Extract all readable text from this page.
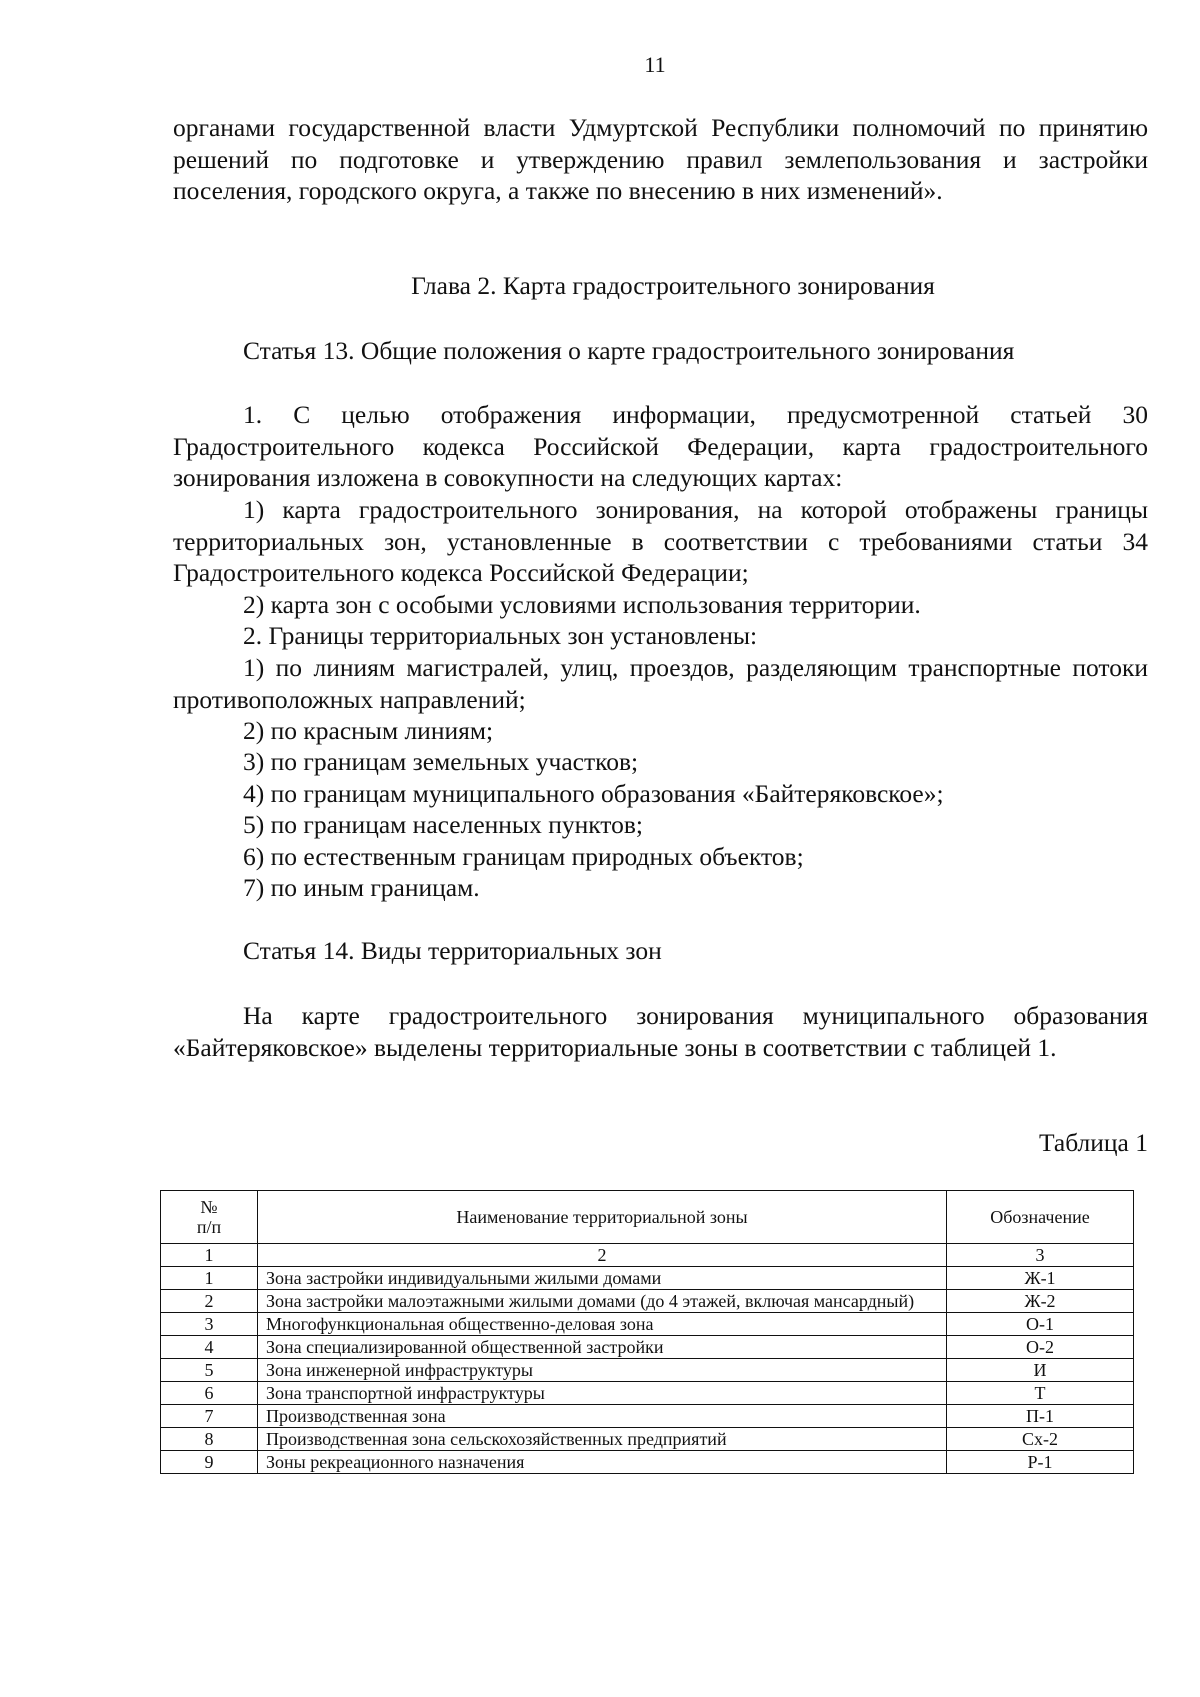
11

органами государственной власти Удмуртской Республики полномочий по принятию решений по подготовке и утверждению правил землепользования и застройки поселения, городского округа, а также по внесению в них изменений».

Глава 2. Карта градостроительного зонирования

Статья 13. Общие положения о карте градостроительного зонирования

1. С целью отображения информации, предусмотренной статьей 30 Градостроительного кодекса Российской Федерации, карта градостроительного зонирования изложена в совокупности на следующих картах:

1) карта градостроительного зонирования, на которой отображены границы территориальных зон, установленные в соответствии с требованиями статьи 34 Градостроительного кодекса Российской Федерации;

2) карта зон с особыми условиями использования территории.

2. Границы территориальных зон установлены:

1) по линиям магистралей, улиц, проездов, разделяющим транспортные потоки противоположных направлений;

2) по красным линиям;

3) по границам земельных участков;

4) по границам муниципального образования «Байтеряковское»;

5) по границам населенных пунктов;

6) по естественным границам природных объектов;

7) по иным границам.

Статья 14. Виды территориальных зон

На карте градостроительного зонирования муниципального образования «Байтеряковское» выделены территориальные зоны в соответствии с таблицей 1.

Таблица 1
№
п/п	Наименование территориальной зоны	Обозначение
1	2	3
1	Зона застройки индивидуальными жилыми домами	Ж-1
2	Зона застройки малоэтажными жилыми домами (до 4 этажей, включая мансардный)	Ж-2
3	Многофункциональная общественно-деловая зона	О-1
4	Зона специализированной общественной застройки	О-2
5	Зона инженерной инфраструктуры	И
6	Зона транспортной инфраструктуры	Т
7	Производственная зона	П-1
8	Производственная зона сельскохозяйственных предприятий	Сх-2
9	Зоны рекреационного назначения	Р-1
